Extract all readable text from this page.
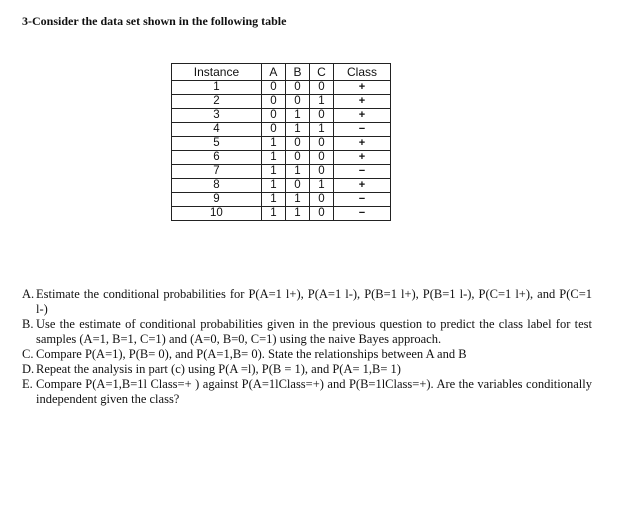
3-Consider the data set shown in the following table
Instance	A	B	C	Class
1	0	0	0	+
2	0	0	1	+
3	0	1	0	+
4	0	1	1	−
5	1	0	0	+
6	1	0	0	+
7	1	1	0	−
8	1	0	1	+
9	1	1	0	−
10	1	1	0	−
A. Estimate the conditional probabilities for P(A=1 l+), P(A=1 l-), P(B=1 l+), P(B=1 l-), P(C=1 l+), and P(C=1 l-)
B. Use the estimate of conditional probabilities given in the previous question to predict the class label for test samples (A=1, B=1, C=1) and (A=0, B=0, C=1) using the naive Bayes approach.
C. Compare P(A=1), P(B= 0), and P(A=1,B= 0). State the relationships between A and B
D. Repeat the analysis in part (c) using P(A =l), P(B = 1), and P(A= 1,B= 1)
E. Compare P(A=1,B=1l Class=+ ) against P(A=1lClass=+) and P(B=1lClass=+). Are the variables conditionally independent given the class?
